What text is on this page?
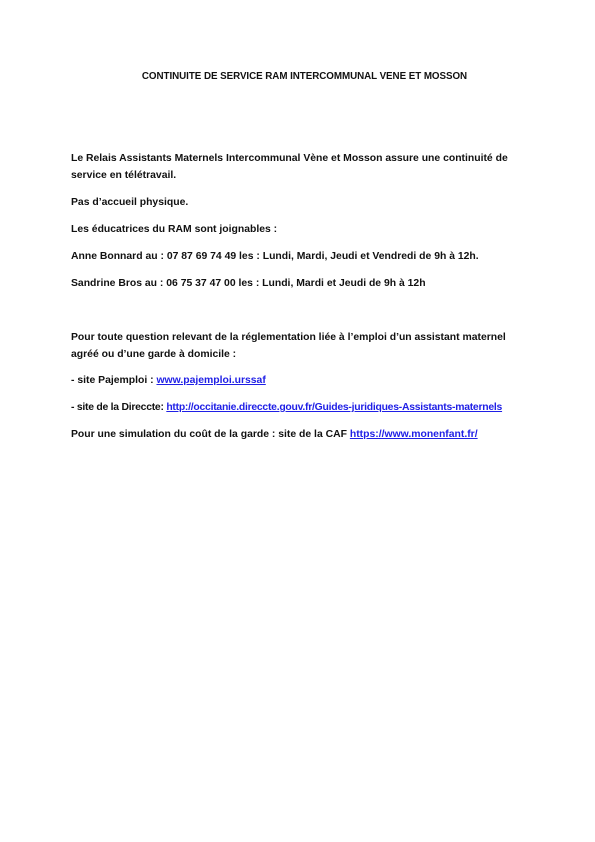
CONTINUITE DE SERVICE RAM INTERCOMMUNAL VENE ET MOSSON
Le Relais Assistants Maternels Intercommunal Vène et Mosson assure une continuité de
service en télétravail.
Pas d’accueil physique.
Les éducatrices du RAM sont joignables :
Anne Bonnard au : 07 87 69 74 49 les : Lundi, Mardi, Jeudi et Vendredi de 9h à 12h.
Sandrine Bros au : 06 75 37 47 00 les : Lundi, Mardi et Jeudi de 9h à 12h
Pour toute question relevant de la réglementation liée à l’emploi d’un assistant maternel
agréé ou d’une garde à domicile :
- site Pajemploi : www.pajemploi.urssaf
- site de la Direccte: http://occitanie.direccte.gouv.fr/Guides-juridiques-Assistants-maternels
Pour une simulation du coût de la garde : site de la CAF https://www.monenfant.fr/
